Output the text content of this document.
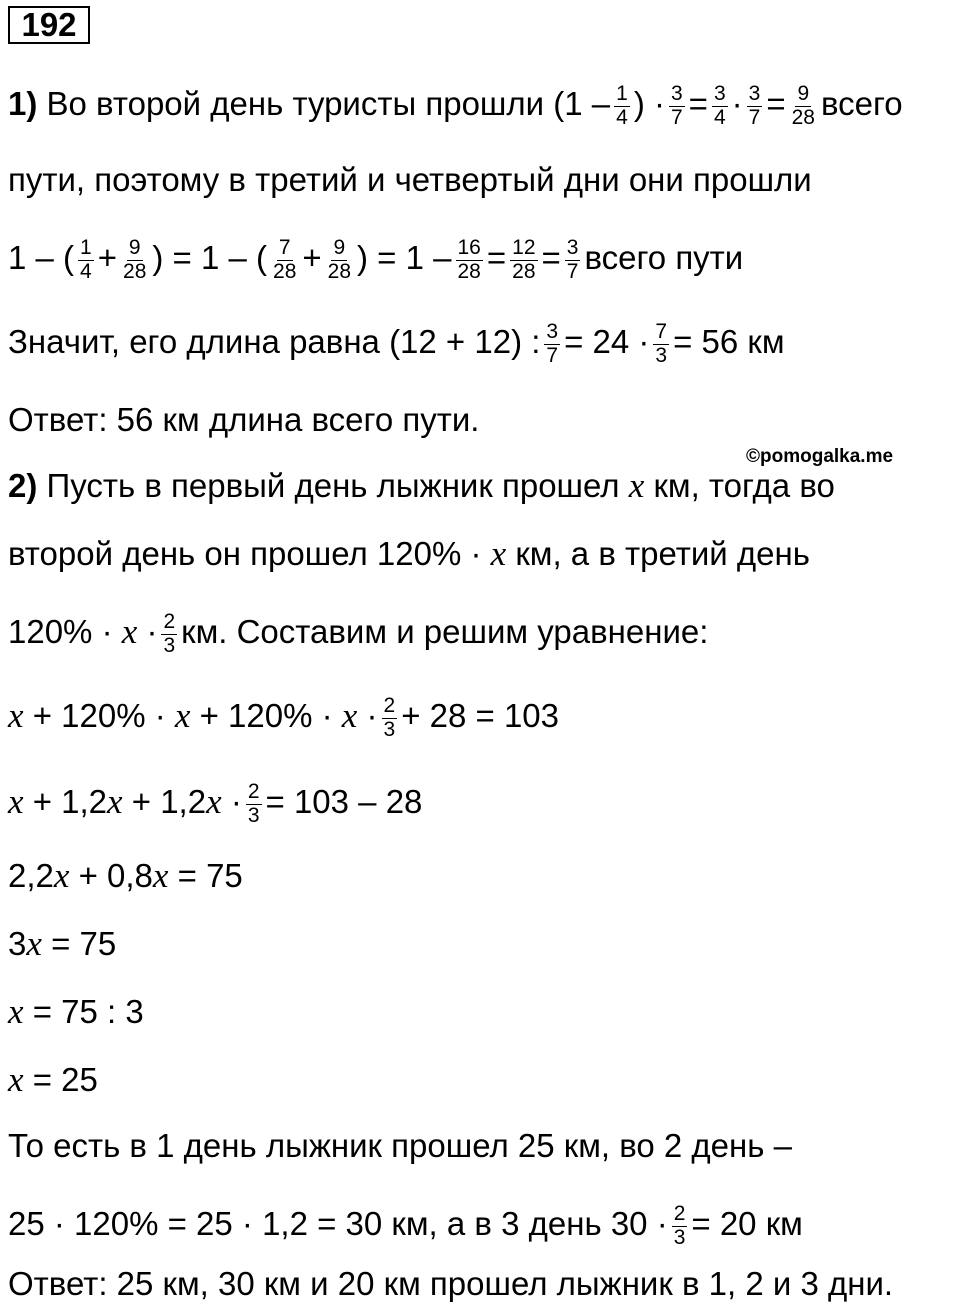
192
©pomogalka.me
1)
Во второй день туристы прошли ($1 - \frac{1}{4}$ ) · $\frac{3}{7} = \frac{3}{4} \cdot \frac{3}{7} = \frac{9}{28}$ всего
пути, поэтому в третий и четвертый дни они прошли
1 – ( $\frac{1}{4} + \frac{9}{28}$ ) = 1 – ( $\frac{7}{28} + \frac{9}{28}$ ) = $1 - \frac{16}{28} = \frac{12}{28} = \frac{3}{7}$ всего пути
Значит, его длина равна (12 + 12) : $\frac{3}{7} = 24 \cdot \frac{7}{3} = 56$ км
Ответ: 56 км длина всего пути.
2)
Пусть в первый день лыжник прошел
x
км, тогда во
второй день он прошел 120% ·
x
км, а в третий день
120% ·
x
· $\frac{2}{3}$ км. Составим и решим уравнение:
x
+ 120% ·
x
+ 120% ·
x
· $\frac{2}{3} + 28 = 103$
x
+ 1,2 x
+ 1,2 x
· $\frac{2}{3} = 103 - 28$
2,2 x
+ 0,8 x
= 75
3 x
= 75
x
= 75 : 3
x
= 25
То есть в 1 день лыжник прошел 25 км, во 2 день –
25 · 120% = 25 · 1,2 = 30 км, а в 3 день $30 \cdot \frac{2}{3} = 20$ км
Ответ: 25 км, 30 км и 20 км прошел лыжник в 1, 2 и 3 дни.
